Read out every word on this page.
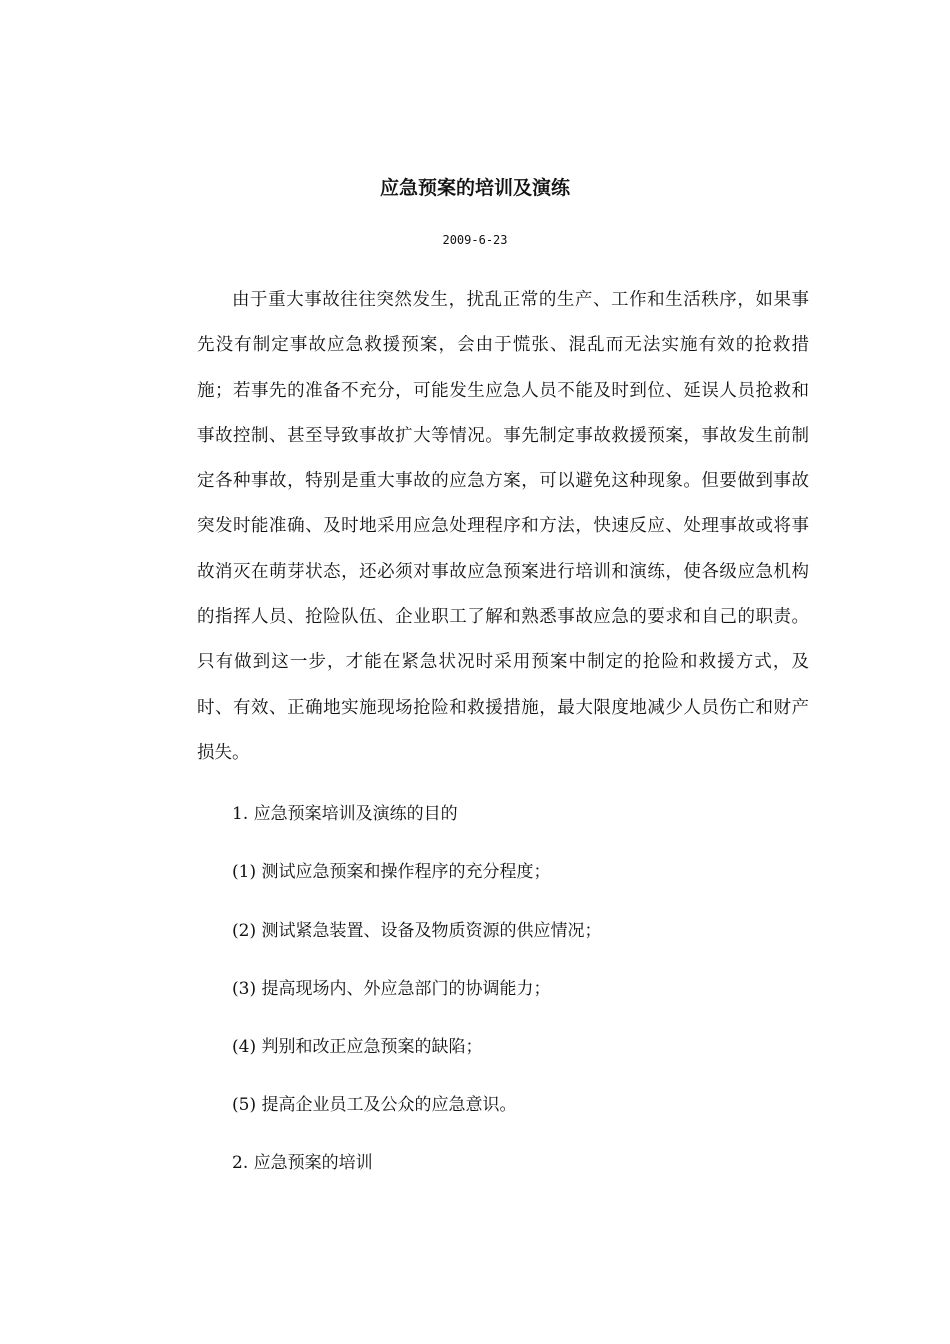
应急预案的培训及演练
2009-6-23

由于重大事故往往突然发生，扰乱正常的生产、工作和生活秩序，如果事先没有制定事故应急救援预案，会由于慌张、混乱而无法实施有效的抢救措施；若事先的准备不充分，可能发生应急人员不能及时到位、延误人员抢救和事故控制、甚至导致事故扩大等情况。事先制定事故救援预案，事故发生前制定各种事故，特别是重大事故的应急方案，可以避免这种现象。但要做到事故突发时能准确、及时地采用应急处理程序和方法，快速反应、处理事故或将事故消灭在萌芽状态，还必须对事故应急预案进行培训和演练，使各级应急机构的指挥人员、抢险队伍、企业职工了解和熟悉事故应急的要求和自己的职责。只有做到这一步，才能在紧急状况时采用预案中制定的抢险和救援方式，及时、有效、正确地实施现场抢险和救援措施，最大限度地减少人员伤亡和财产损失。

1. 应急预案培训及演练的目的

(1) 测试应急预案和操作程序的充分程度；

(2) 测试紧急装置、设备及物质资源的供应情况；

(3) 提高现场内、外应急部门的协调能力；

(4) 判别和改正应急预案的缺陷；

(5) 提高企业员工及公众的应急意识。

2. 应急预案的培训
